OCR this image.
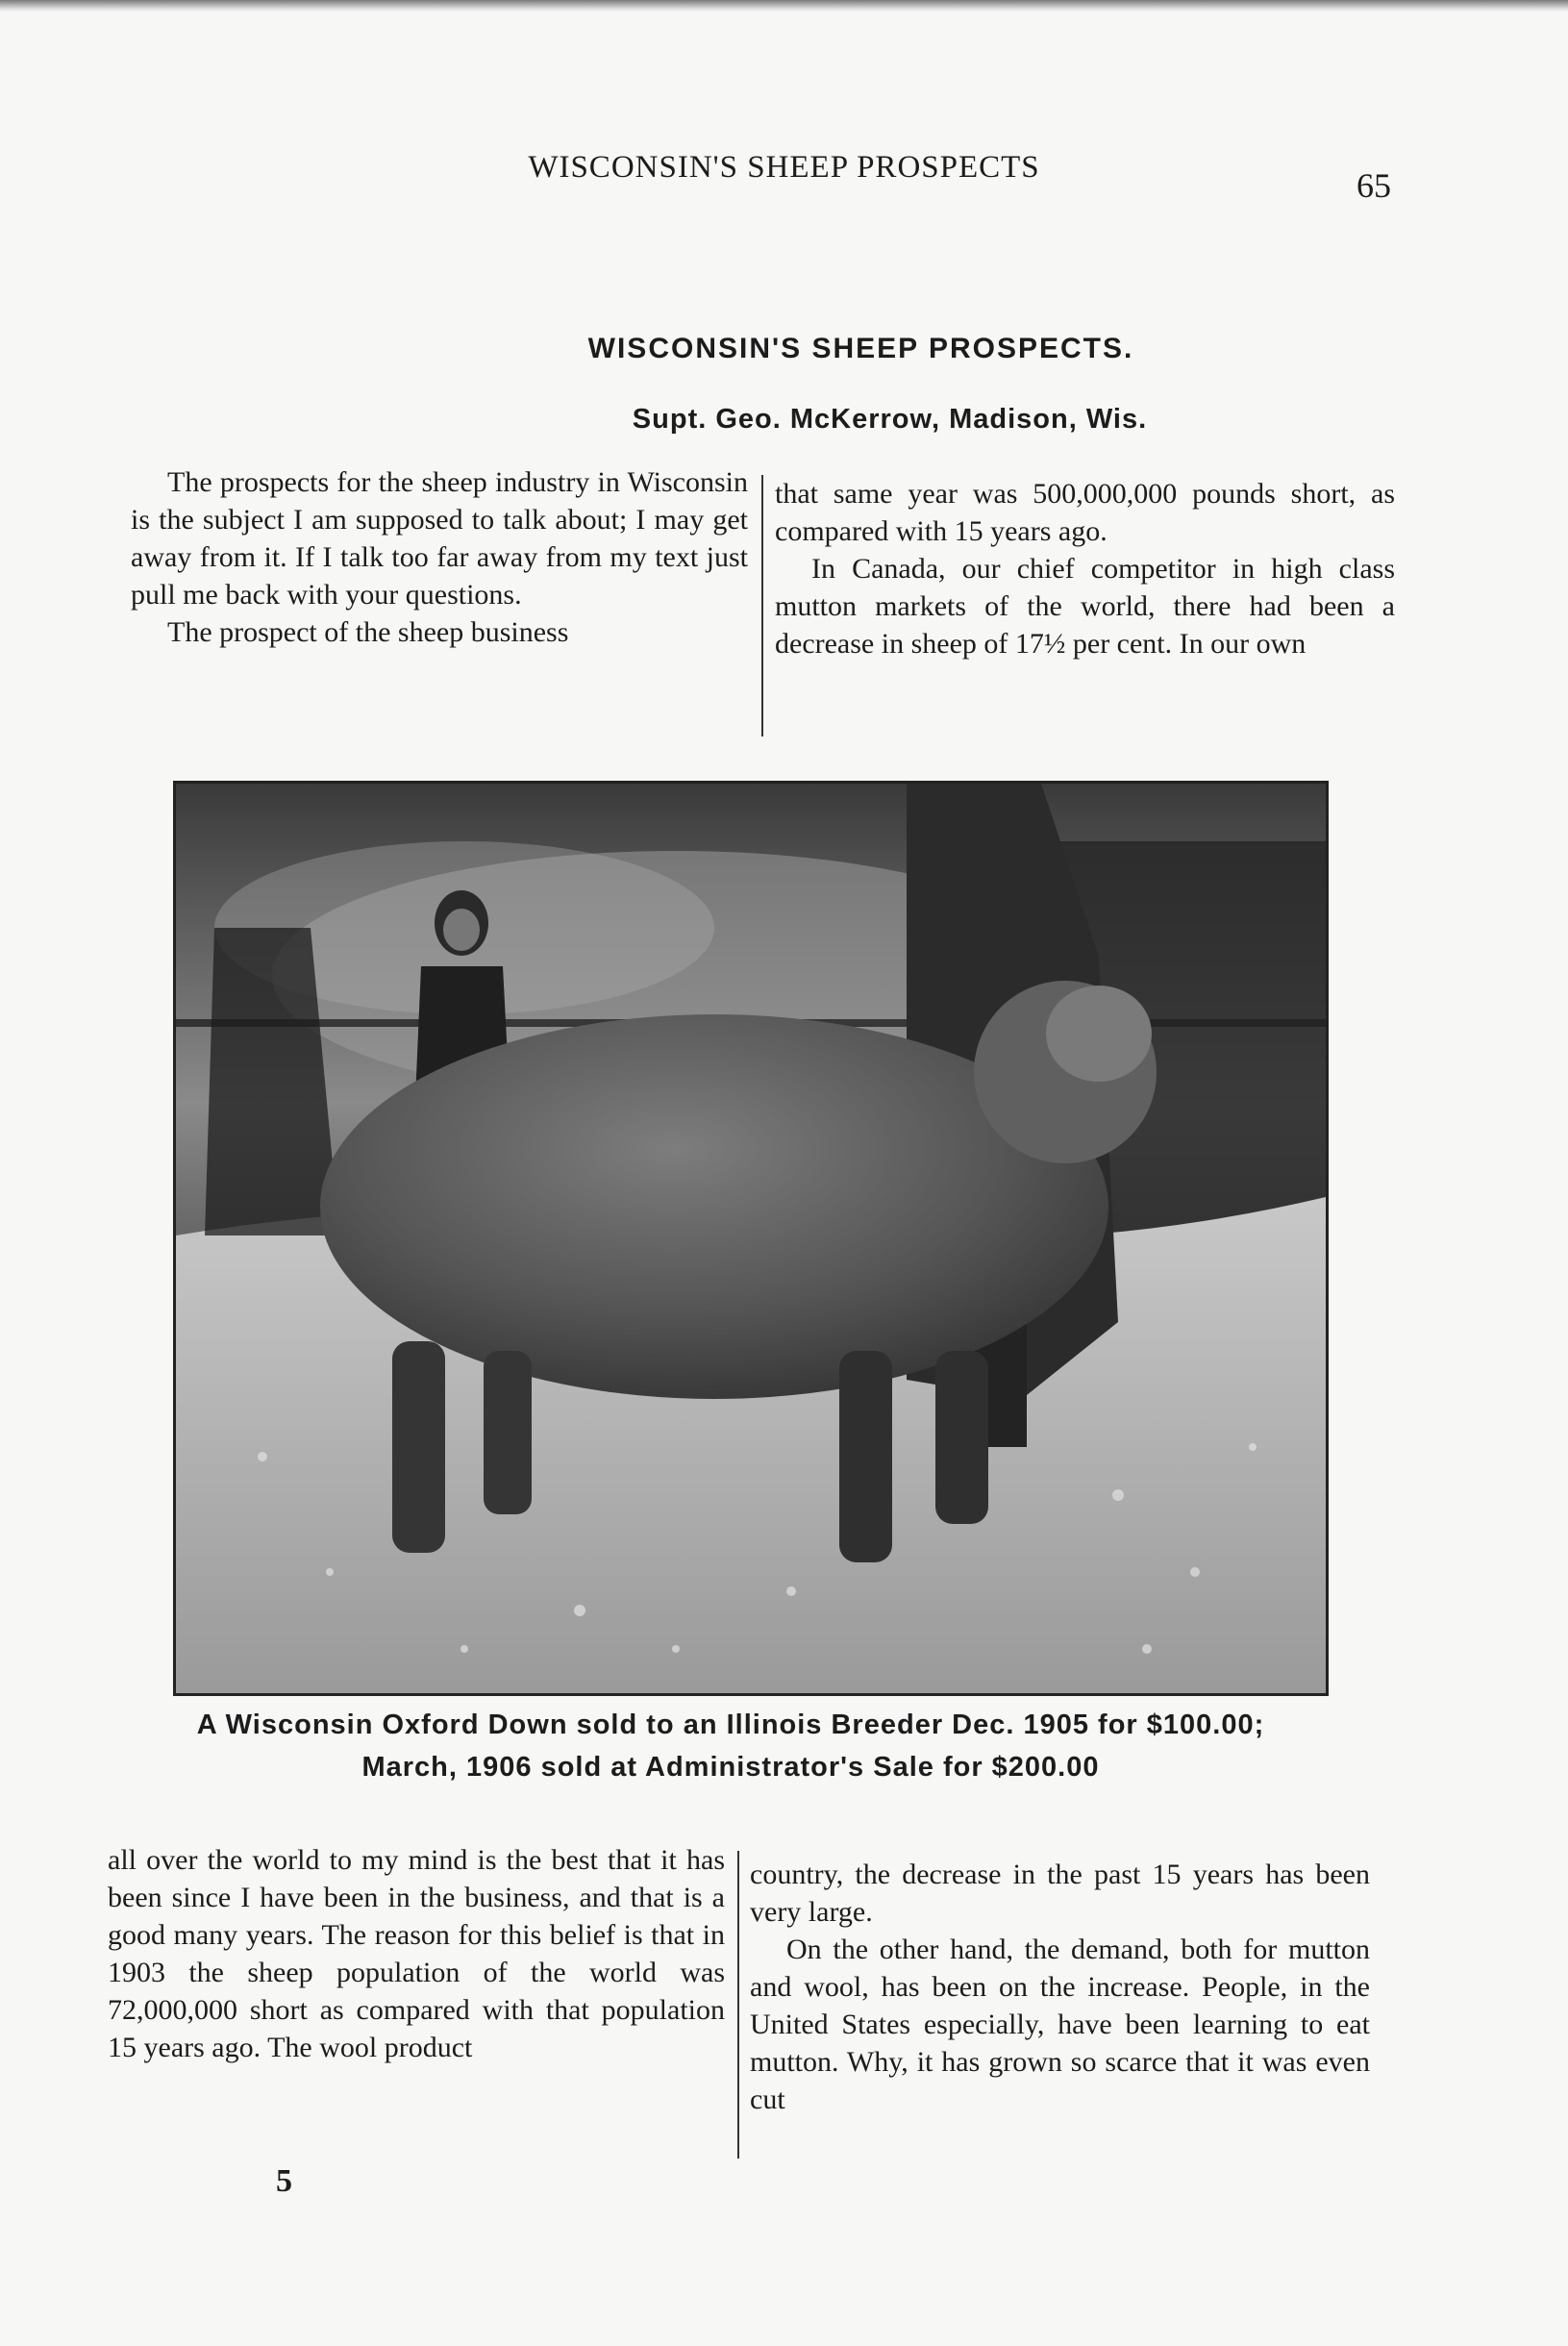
WISCONSIN'S SHEEP PROSPECTS	65
WISCONSIN'S SHEEP PROSPECTS.
Supt. Geo. McKerrow, Madison, Wis.

The prospects for the sheep industry in Wisconsin is the subject I am supposed to talk about; I may get away from it. If I talk too far away from my text just pull me back with your questions.

The prospect of the sheep business

that same year was 500,000,000 pounds short, as compared with 15 years ago.

In Canada, our chief competitor in high class mutton markets of the world, there had been a decrease in sheep of 17½ per cent. In our own

A Wisconsin Oxford Down sold to an Illinois Breeder Dec. 1905 for $100.00;
March, 1906 sold at Administrator's Sale for $200.00

all over the world to my mind is the best that it has been since I have been in the business, and that is a good many years. The reason for this belief is that in 1903 the sheep population of the world was 72,000,000 short as compared with that population 15 years ago. The wool product

country, the decrease in the past 15 years has been very large.

On the other hand, the demand, both for mutton and wool, has been on the increase. People, in the United States especially, have been learning to eat mutton. Why, it has grown so scarce that it was even cut

5
